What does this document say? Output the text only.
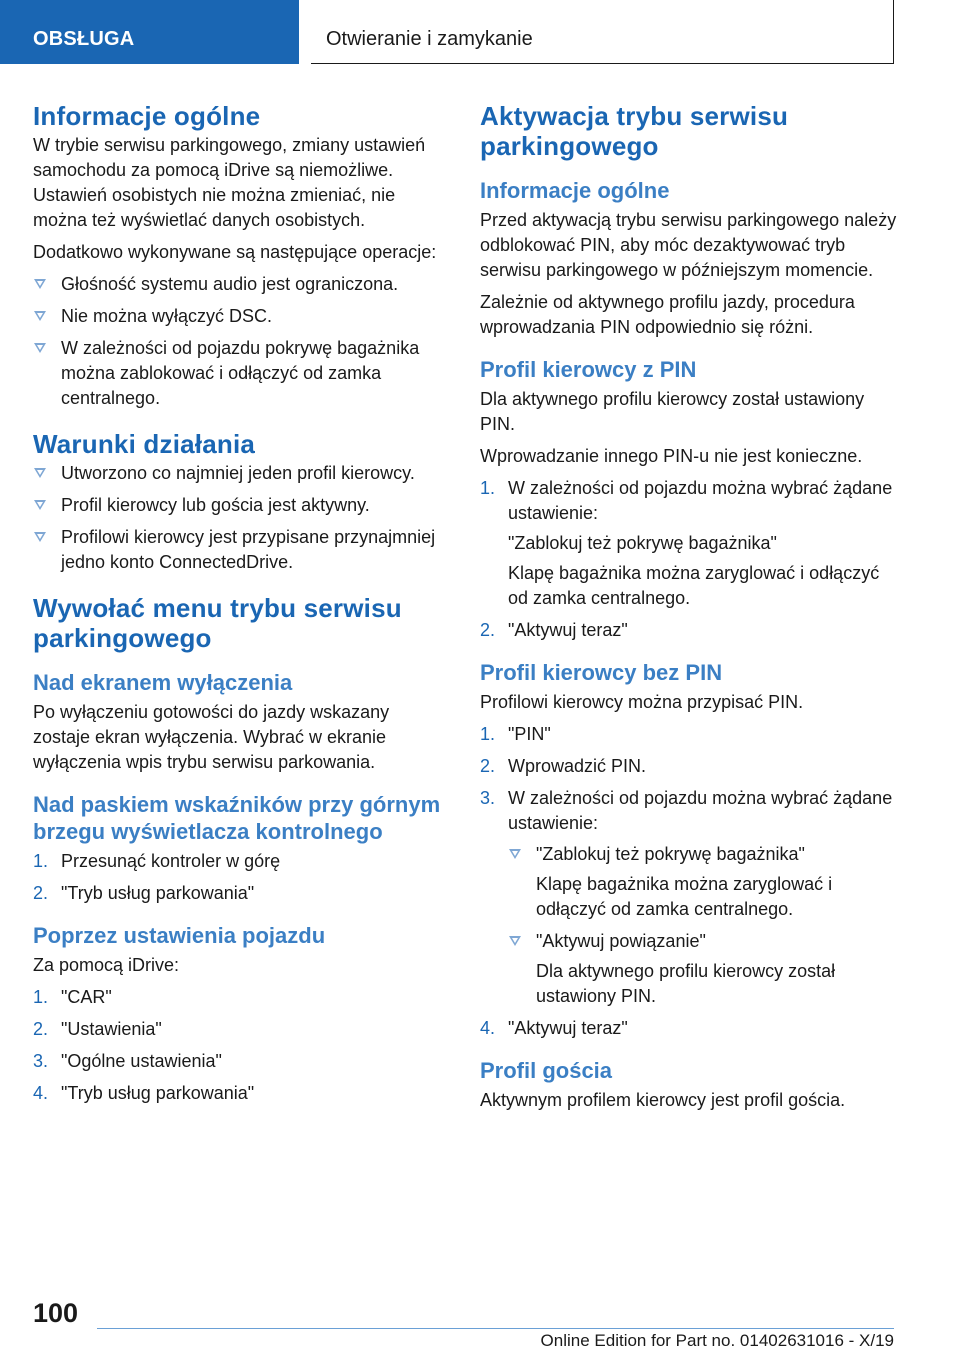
OBSŁUGA	Otwieranie i zamykanie
Informacje ogólne

W trybie serwisu parkingowego, zmiany ustawień samochodu za pomocą iDrive są niemożliwe. Ustawień osobistych nie można zmieniać, nie można też wyświetlać danych osobistych.

Dodatkowo wykonywane są następujące operacje:

Głośność systemu audio jest ograniczona.
Nie można wyłączyć DSC.
W zależności od pojazdu pokrywę bagażnika można zablokować i odłączyć od zamka centralnego.
Warunki działania
Utworzono co najmniej jeden profil kierowcy.
Profil kierowcy lub gościa jest aktywny.
Profilowi kierowcy jest przypisane przynajmniej jedno konto ConnectedDrive.
Wywołać menu trybu serwisu parkingowego
Nad ekranem wyłączenia

Po wyłączeniu gotowości do jazdy wskazany zostaje ekran wyłączenia. Wybrać w ekranie wyłączenia wpis trybu serwisu parkowania.

Nad paskiem wskaźników przy górnym brzegu wyświetlacza kontrolnego
1. Przesunąć kontroler w górę
2. "Tryb usług parkowania"
Poprzez ustawienia pojazdu

Za pomocą iDrive:

1. "CAR"
2. "Ustawienia"
3. "Ogólne ustawienia"
4. "Tryb usług parkowania"
Aktywacja trybu serwisu parkingowego
Informacje ogólne

Przed aktywacją trybu serwisu parkingowego należy odblokować PIN, aby móc dezaktywować tryb serwisu parkingowego w późniejszym momencie.

Zależnie od aktywnego profilu jazdy, procedura wprowadzania PIN odpowiednio się różni.

Profil kierowcy z PIN

Dla aktywnego profilu kierowcy został ustawiony PIN.

Wprowadzanie innego PIN-u nie jest konieczne.

1. W zależności od pojazdu można wybrać żądane ustawienie:

"Zablokuj też pokrywę bagażnika"

Klapę bagażnika można zaryglować i odłączyć od zamka centralnego.

2. "Aktywuj teraz"
Profil kierowcy bez PIN

Profilowi kierowcy można przypisać PIN.

1. "PIN"
2. Wprowadzić PIN.
3. W zależności od pojazdu można wybrać żądane ustawienie:
"Zablokuj też pokrywę bagażnika"

Klapę bagażnika można zaryglować i odłączyć od zamka centralnego.

"Aktywuj powiązanie"

Dla aktywnego profilu kierowcy został ustawiony PIN.

4. "Aktywuj teraz"
Profil gościa

Aktywnym profilem kierowcy jest profil gościa.

100
Online Edition for Part no. 01402631016 - X/19
